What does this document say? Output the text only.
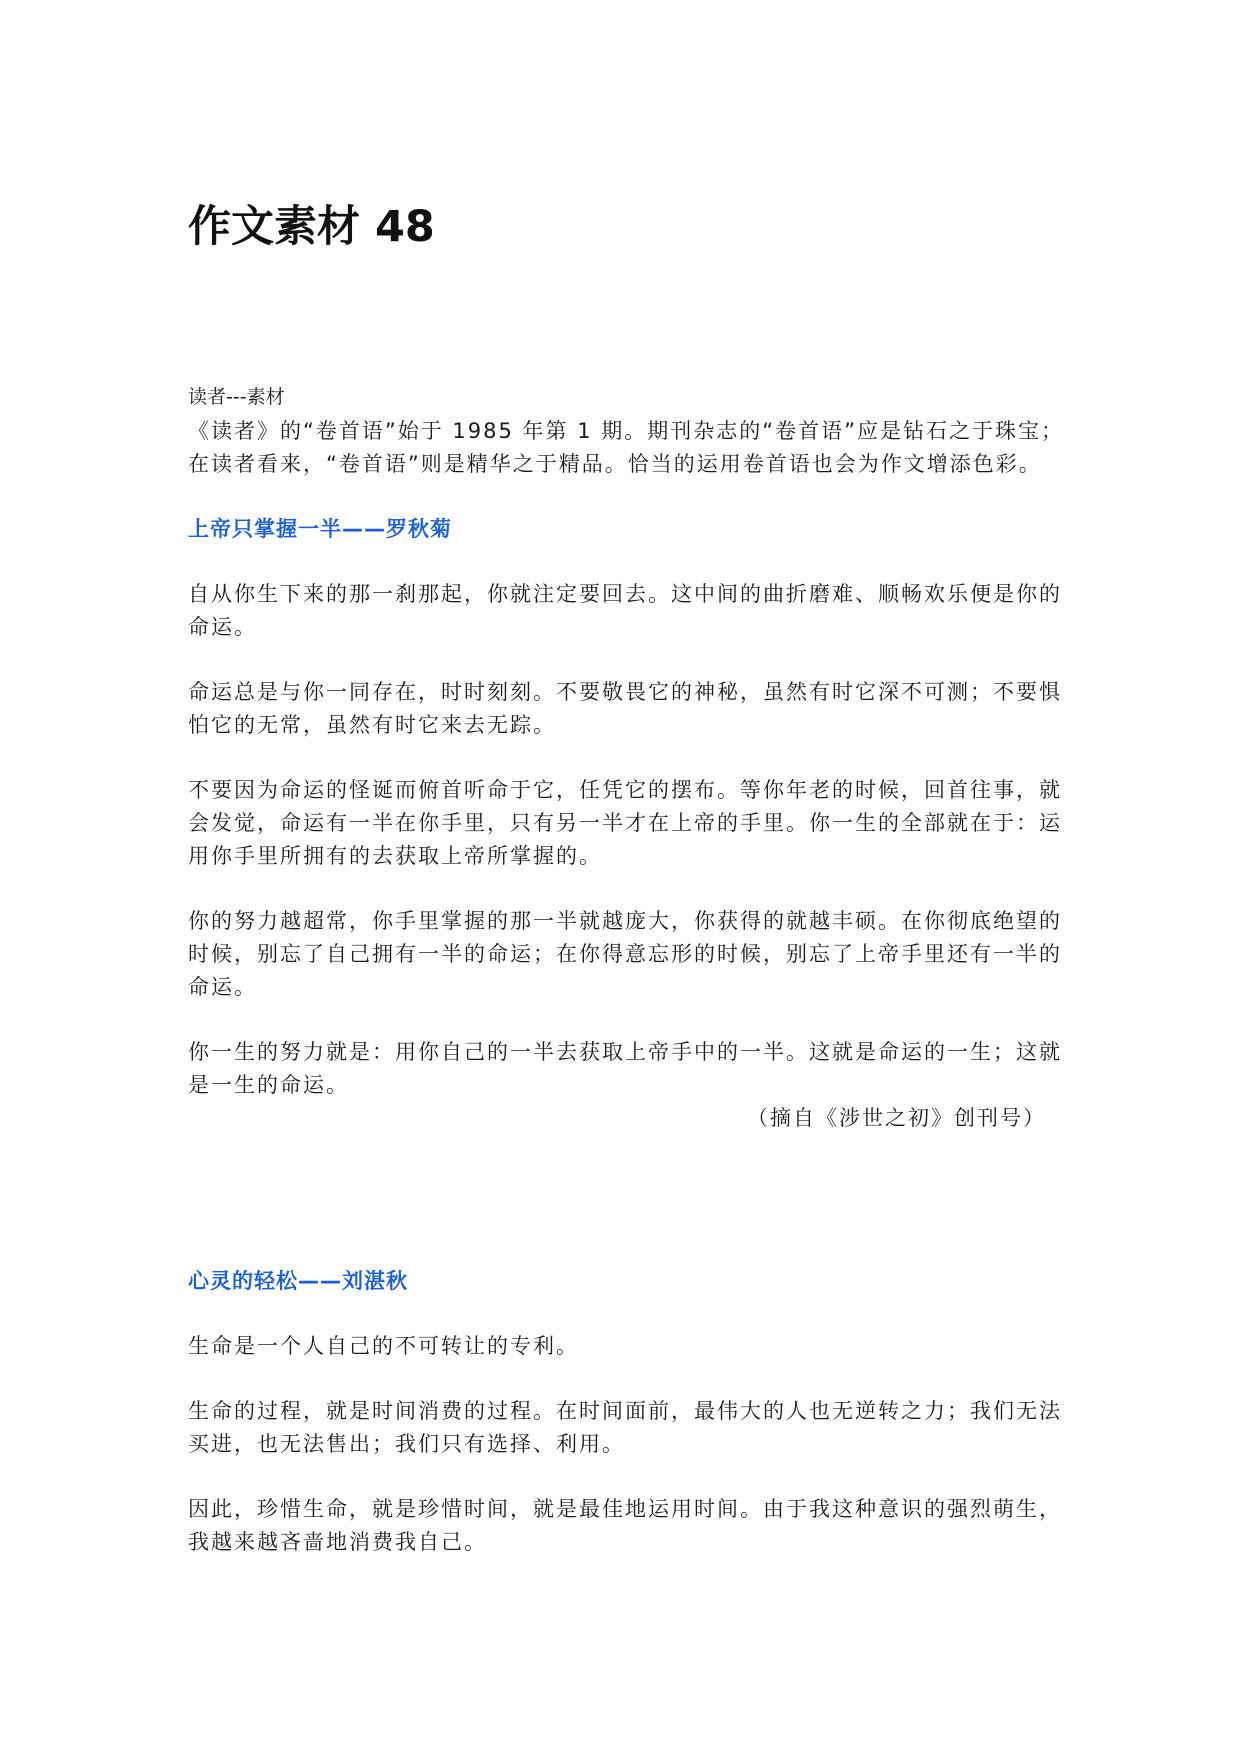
作文素材 48

读者---素材

《读者》的“卷首语”始于 1985 年第 1 期。期刊杂志的“卷首语”应是钻石之于珠宝；在读者看来，“卷首语”则是精华之于精品。恰当的运用卷首语也会为作文增添色彩。

上帝只掌握一半——罗秋菊

自从你生下来的那一刹那起，你就注定要回去。这中间的曲折磨难、顺畅欢乐便是你的命运。

命运总是与你一同存在，时时刻刻。不要敬畏它的神秘，虽然有时它深不可测；不要惧怕它的无常，虽然有时它来去无踪。

不要因为命运的怪诞而俯首听命于它，任凭它的摆布。等你年老的时候，回首往事，就会发觉，命运有一半在你手里，只有另一半才在上帝的手里。你一生的全部就在于：运用你手里所拥有的去获取上帝所掌握的。

你的努力越超常，你手里掌握的那一半就越庞大，你获得的就越丰硕。在你彻底绝望的时候，别忘了自己拥有一半的命运；在你得意忘形的时候，别忘了上帝手里还有一半的命运。

你一生的努力就是：用你自己的一半去获取上帝手中的一半。这就是命运的一生；这就是一生的命运。

（摘自《涉世之初》创刊号）

心灵的轻松——刘湛秋

生命是一个人自己的不可转让的专利。

生命的过程，就是时间消费的过程。在时间面前，最伟大的人也无逆转之力；我们无法买进，也无法售出；我们只有选择、利用。

因此，珍惜生命，就是珍惜时间，就是最佳地运用时间。由于我这种意识的强烈萌生，我越来越吝啬地消费我自己。
